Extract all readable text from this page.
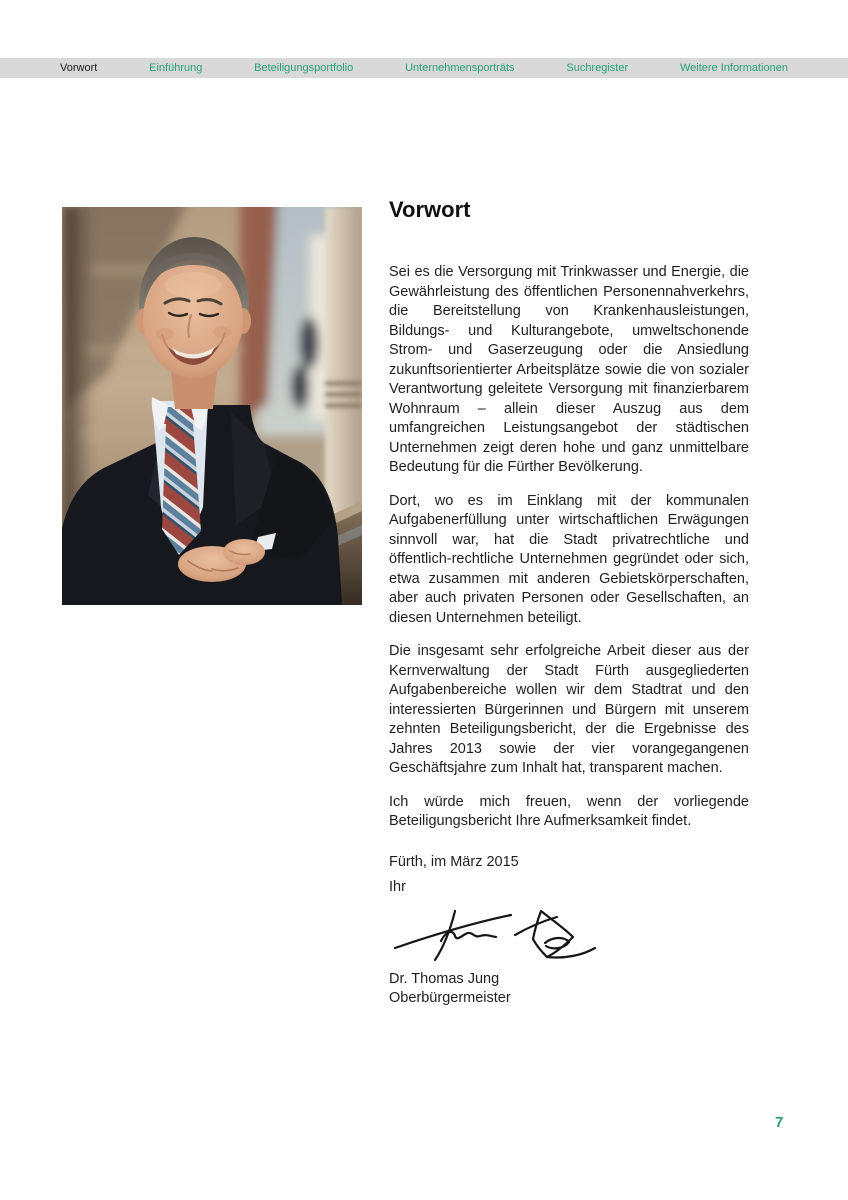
Vorwort	Einführung	Beteiligungsportfolio	Unternehmensporträts	Suchregister	Weitere Informationen
Vorwort

Sei es die Versorgung mit Trinkwasser und Energie, die Gewährleistung des öffentlichen Personennahverkehrs, die Bereitstellung von Krankenhausleistungen, Bildungs- und Kulturangebote, umweltschonende Strom- und Gaserzeugung oder die Ansiedlung zukunftsorientierter Arbeitsplätze sowie die von sozialer Verantwortung geleitete Versorgung mit finanzierbarem Wohnraum – allein dieser Auszug aus dem umfangreichen Leistungsangebot der städtischen Unternehmen zeigt deren hohe und ganz unmittelbare Bedeutung für die Fürther Bevölkerung.

Dort, wo es im Einklang mit der kommunalen Aufgabenerfüllung unter wirtschaftlichen Erwägungen sinnvoll war, hat die Stadt privatrechtliche und öffentlich-rechtliche Unternehmen gegründet oder sich, etwa zusammen mit anderen Gebietskörperschaften, aber auch privaten Personen oder Gesellschaften, an diesen Unternehmen beteiligt.

Die insgesamt sehr erfolgreiche Arbeit dieser aus der Kernverwaltung der Stadt Fürth ausgegliederten Aufgabenbereiche wollen wir dem Stadtrat und den interessierten Bürgerinnen und Bürgern mit unserem zehnten Beteiligungsbericht, der die Ergebnisse des Jahres 2013 sowie der vier vorangegangenen Geschäftsjahre zum Inhalt hat, transparent machen.

Ich würde mich freuen, wenn der vorliegende Beteiligungsbericht Ihre Aufmerksamkeit findet.

Fürth, im März 2015

Ihr

Dr. Thomas Jung

Oberbürgermeister

7
